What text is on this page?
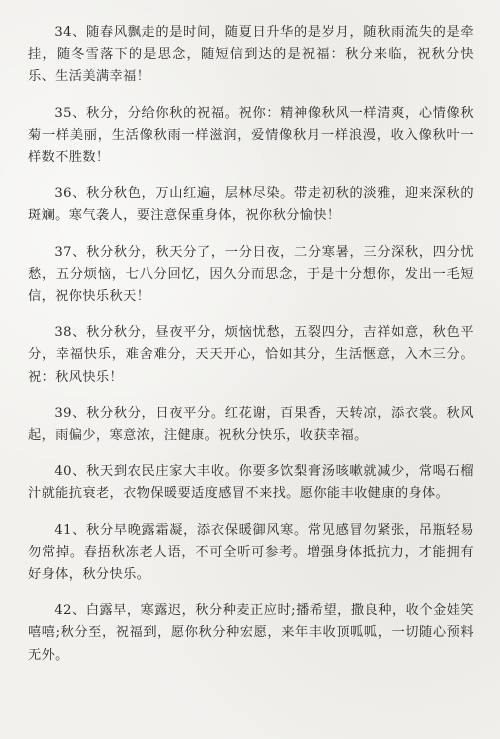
34、随春风飘走的是时间，随夏日升华的是岁月，随秋雨流失的是牵挂，随冬雪落下的是思念，随短信到达的是祝福：秋分来临，祝秋分快乐、生活美满幸福！

35、秋分，分给你秋的祝福。祝你：精神像秋风一样清爽，心情像秋菊一样美丽，生活像秋雨一样滋润，爱情像秋月一样浪漫，收入像秋叶一样数不胜数！

36、秋分秋色，万山红遍，层林尽染。带走初秋的淡雅，迎来深秋的斑斓。寒气袭人，要注意保重身体，祝你秋分愉快！

37、秋分秋分，秋天分了，一分日夜，二分寒暑，三分深秋，四分忧愁，五分烦恼，七八分回忆，因久分而思念，于是十分想你，发出一毛短信，祝你快乐秋天！

38、秋分秋分，昼夜平分，烦恼忧愁，五裂四分，吉祥如意，秋色平分，幸福快乐，难舍难分，天天开心，恰如其分，生活惬意，入木三分。祝：秋风快乐！

39、秋分秋分，日夜平分。红花谢，百果香，天转凉，添衣裳。秋风起，雨偏少，寒意浓，注健康。祝秋分快乐，收获幸福。

40、秋天到农民庄家大丰收。你要多饮梨膏汤咳嗽就减少，常喝石榴汁就能抗衰老，衣物保暖要适度感冒不来找。愿你能丰收健康的身体。

41、秋分早晚露霜凝，添衣保暖御风寒。常见感冒勿紧张，吊瓶轻易勿常掉。春捂秋冻老人语，不可全听可参考。增强身体抵抗力，才能拥有好身体，秋分快乐。

42、白露早，寒露迟，秋分种麦正应时;播希望，撒良种，收个金娃笑嘻嘻;秋分至，祝福到，愿你秋分种宏愿，来年丰收顶呱呱，一切随心预料无外。
